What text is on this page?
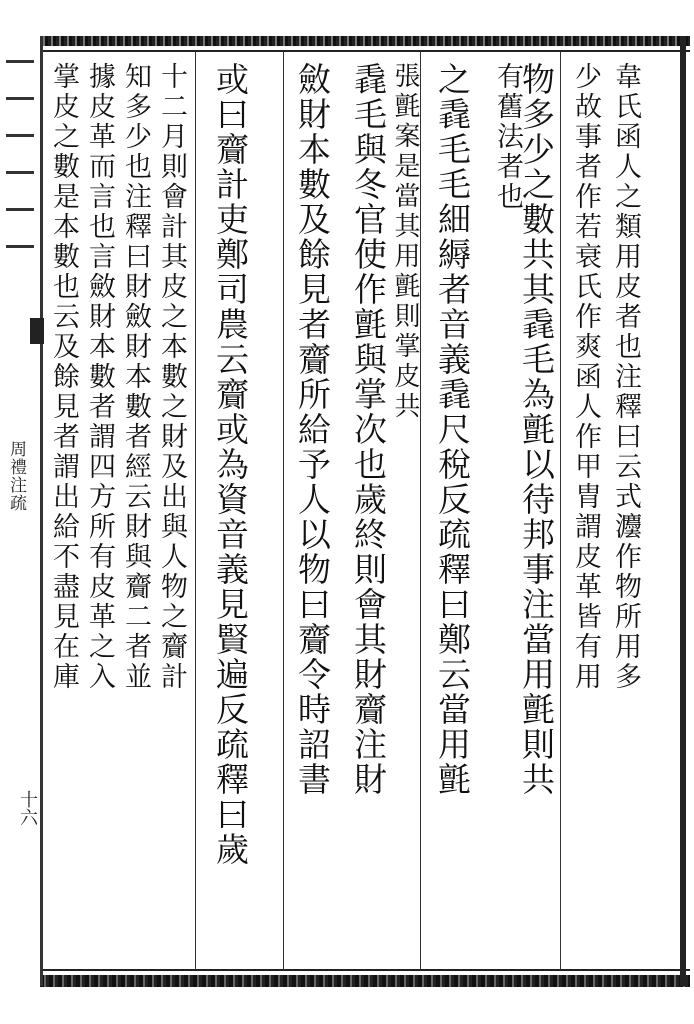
周禮注疏
十六
韋氏函人之類用皮者也注釋曰云式灋作物所用多
少故事者作若衰氏作爽函人作甲胄謂皮革皆有用
物多少之數共其毳毛為氈以待邦事注當用氈則共
有舊法者也
之毳毛毛細縟者音義毳尺稅反疏釋曰鄭云當用氈
張氈案是當其用氈則掌皮共
毳毛與冬官使作氈與掌次也歲終則會其財齎注財
斂財本數及餘見者齎所給予人以物曰齎令時詔書
或曰齎計吏鄭司農云齎或為資音義見賢遍反疏釋曰歲
十二月則會計其皮之本數之財及出與人物之齎計
知多少也注釋曰財斂財本數者經云財與齎二者並
據皮革而言也言斂財本數者謂四方所有皮革之入
掌皮之數是本數也云及餘見者謂出給不盡見在庫
